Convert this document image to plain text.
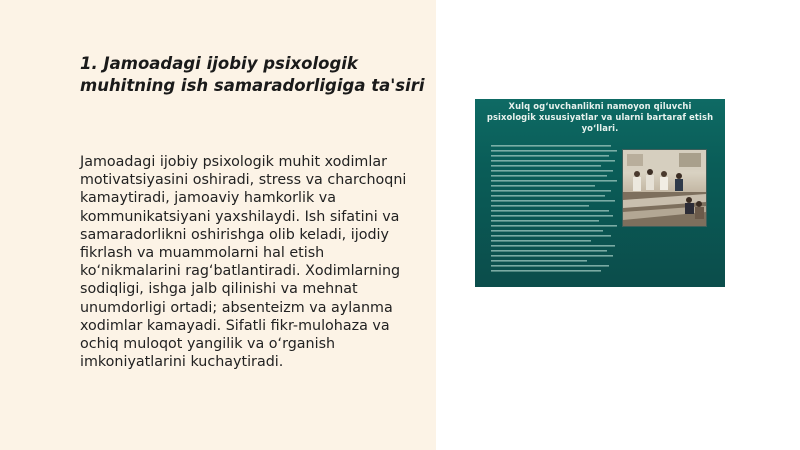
1. Jamoadagi ijobiy psixologik muhitning ish samaradorligiga ta'siri

Jamoadagi ijobiy psixologik muhit xodimlar motivatsiyasini oshiradi, stress va charchoqni kamaytiradi, jamoaviy hamkorlik va kommunikatsiyani yaxshilaydi. Ish sifatini va samaradorlikni oshirishga olib keladi, ijodiy fikrlash va muammolarni hal etish ko‘nikmalarini rag‘batlantiradi. Xodimlarning sodiqligi, ishga jalb qilinishi va mehnat unumdorligi ortadi; absenteizm va aylanma xodimlar kamayadi. Sifatli fikr-mulohaza va ochiq muloqot yangilik va o‘rganish imkoniyatlarini kuchaytiradi.

Xulq og‘uvchanlikni namoyon qiluvchi psixologik xususiyatlar va ularni bartaraf etish yo‘llari.
